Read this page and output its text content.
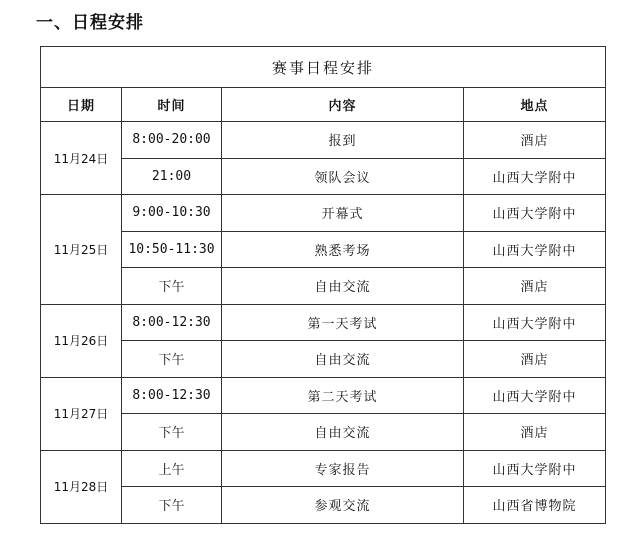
一、日程安排
赛事日程安排			
日期	时间	内容	地点
11月24日	8:00-20:00	报到	酒店
	21:00	领队会议	山西大学附中
11月25日	9:00-10:30	开幕式	山西大学附中
	10:50-11:30	熟悉考场	山西大学附中
	下午	自由交流	酒店
11月26日	8:00-12:30	第一天考试	山西大学附中
	下午	自由交流	酒店
11月27日	8:00-12:30	第二天考试	山西大学附中
	下午	自由交流	酒店
11月28日	上午	专家报告	山西大学附中
	下午	参观交流	山西省博物院
